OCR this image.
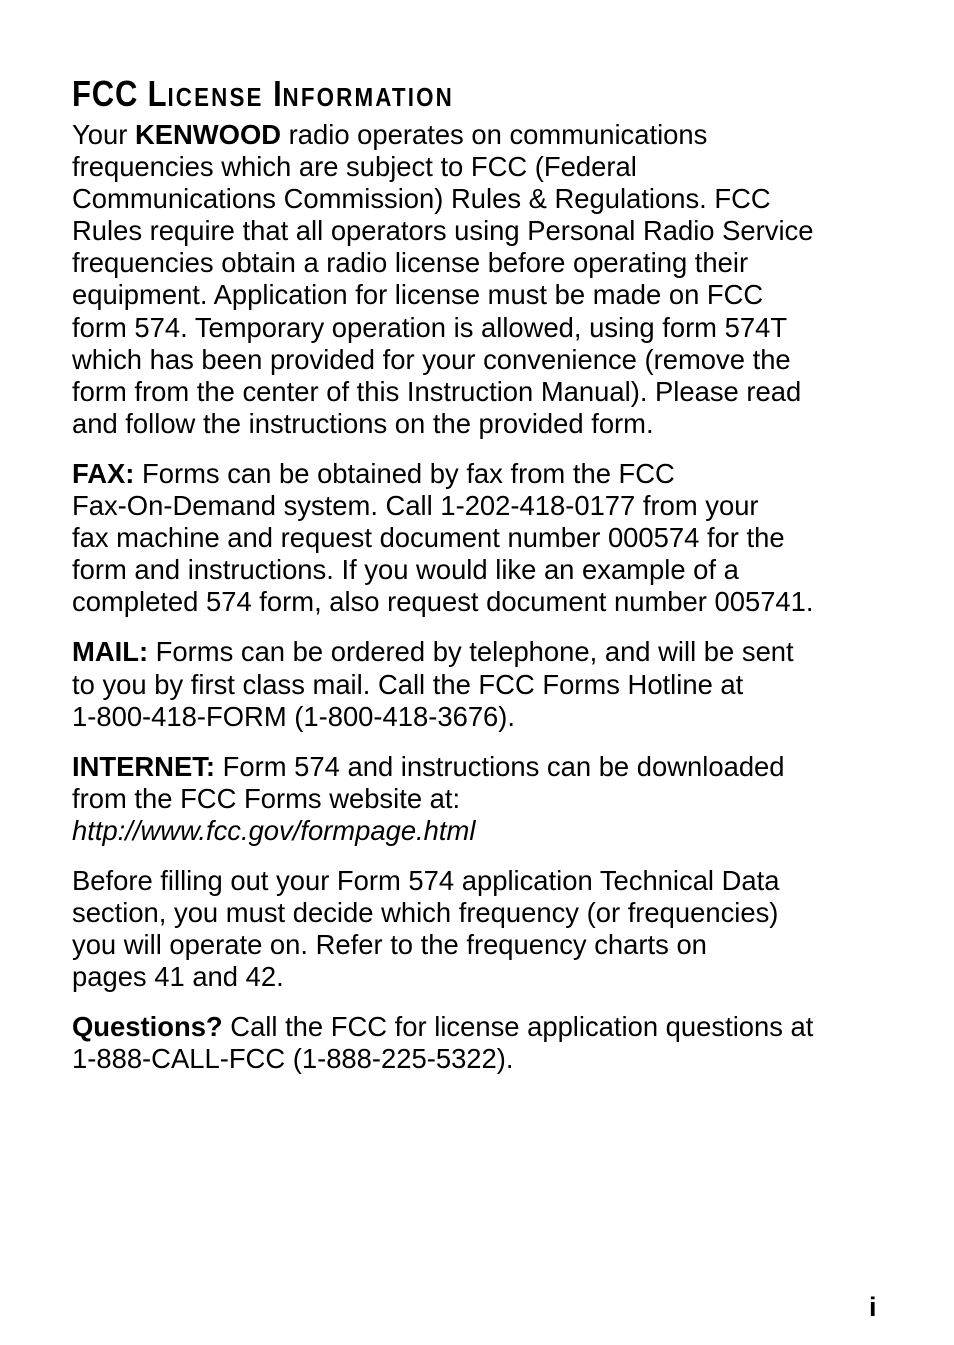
FCC LICENSE INFORMATION
Your KENWOOD radio operates on communications
frequencies which are subject to FCC (Federal
Communications Commission) Rules & Regulations. FCC
Rules require that all operators using Personal Radio Service
frequencies obtain a radio license before operating their
equipment. Application for license must be made on FCC
form 574. Temporary operation is allowed, using form 574T
which has been provided for your convenience (remove the
form from the center of this Instruction Manual). Please read
and follow the instructions on the provided form.
FAX: Forms can be obtained by fax from the FCC
Fax-On-Demand system. Call 1-202-418-0177 from your
fax machine and request document number 000574 for the
form and instructions. If you would like an example of a
completed 574 form, also request document number 005741.
MAIL: Forms can be ordered by telephone, and will be sent
to you by first class mail. Call the FCC Forms Hotline at
1-800-418-FORM (1-800-418-3676).
INTERNET: Form 574 and instructions can be downloaded
from the FCC Forms website at:
http://www.fcc.gov/formpage.html
Before filling out your Form 574 application Technical Data
section, you must decide which frequency (or frequencies)
you will operate on. Refer to the frequency charts on
pages 41 and 42.
Questions? Call the FCC for license application questions at
1-888-CALL-FCC (1-888-225-5322).
i
